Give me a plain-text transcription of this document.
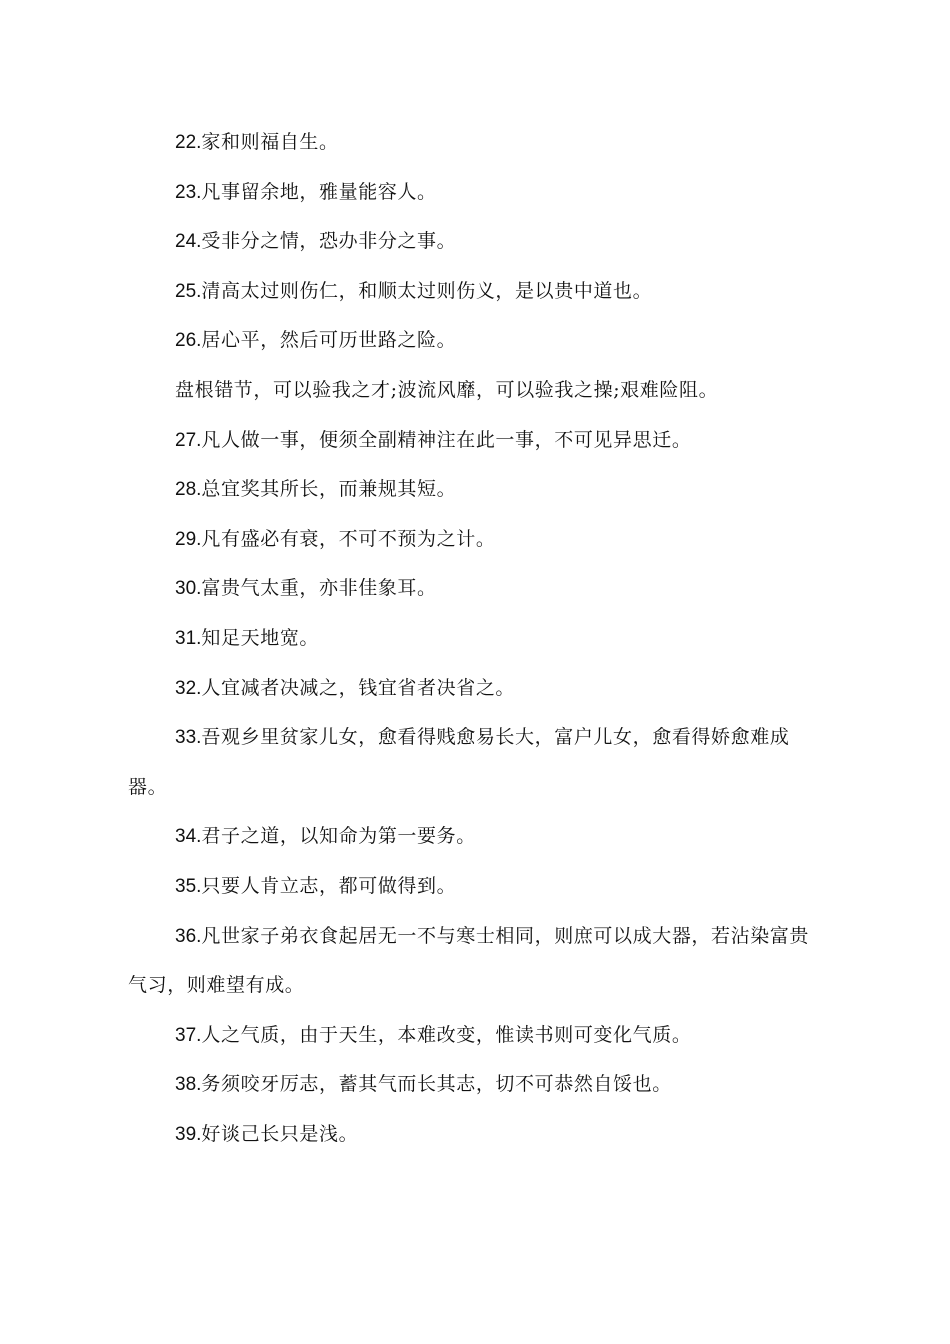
22.家和则福自生。

23.凡事留余地，雅量能容人。

24.受非分之情，恐办非分之事。

25.清高太过则伤仁，和顺太过则伤义，是以贵中道也。

26.居心平，然后可历世路之险。

盘根错节，可以验我之才;波流风靡，可以验我之操;艰难险阻。

27.凡人做一事，便须全副精神注在此一事，不可见异思迁。

28.总宜奖其所长，而兼规其短。

29.凡有盛必有衰，不可不预为之计。

30.富贵气太重，亦非佳象耳。

31.知足天地宽。

32.人宜减者决减之，钱宜省者决省之。

33.吾观乡里贫家儿女，愈看得贱愈易长大，富户儿女，愈看得娇愈难成器。

34.君子之道，以知命为第一要务。

35.只要人肯立志，都可做得到。

36.凡世家子弟衣食起居无一不与寒士相同，则庶可以成大器，若沾染富贵气习，则难望有成。

37.人之气质，由于天生，本难改变，惟读书则可变化气质。

38.务须咬牙厉志，蓄其气而长其志，切不可恭然自馁也。

39.好谈己长只是浅。
